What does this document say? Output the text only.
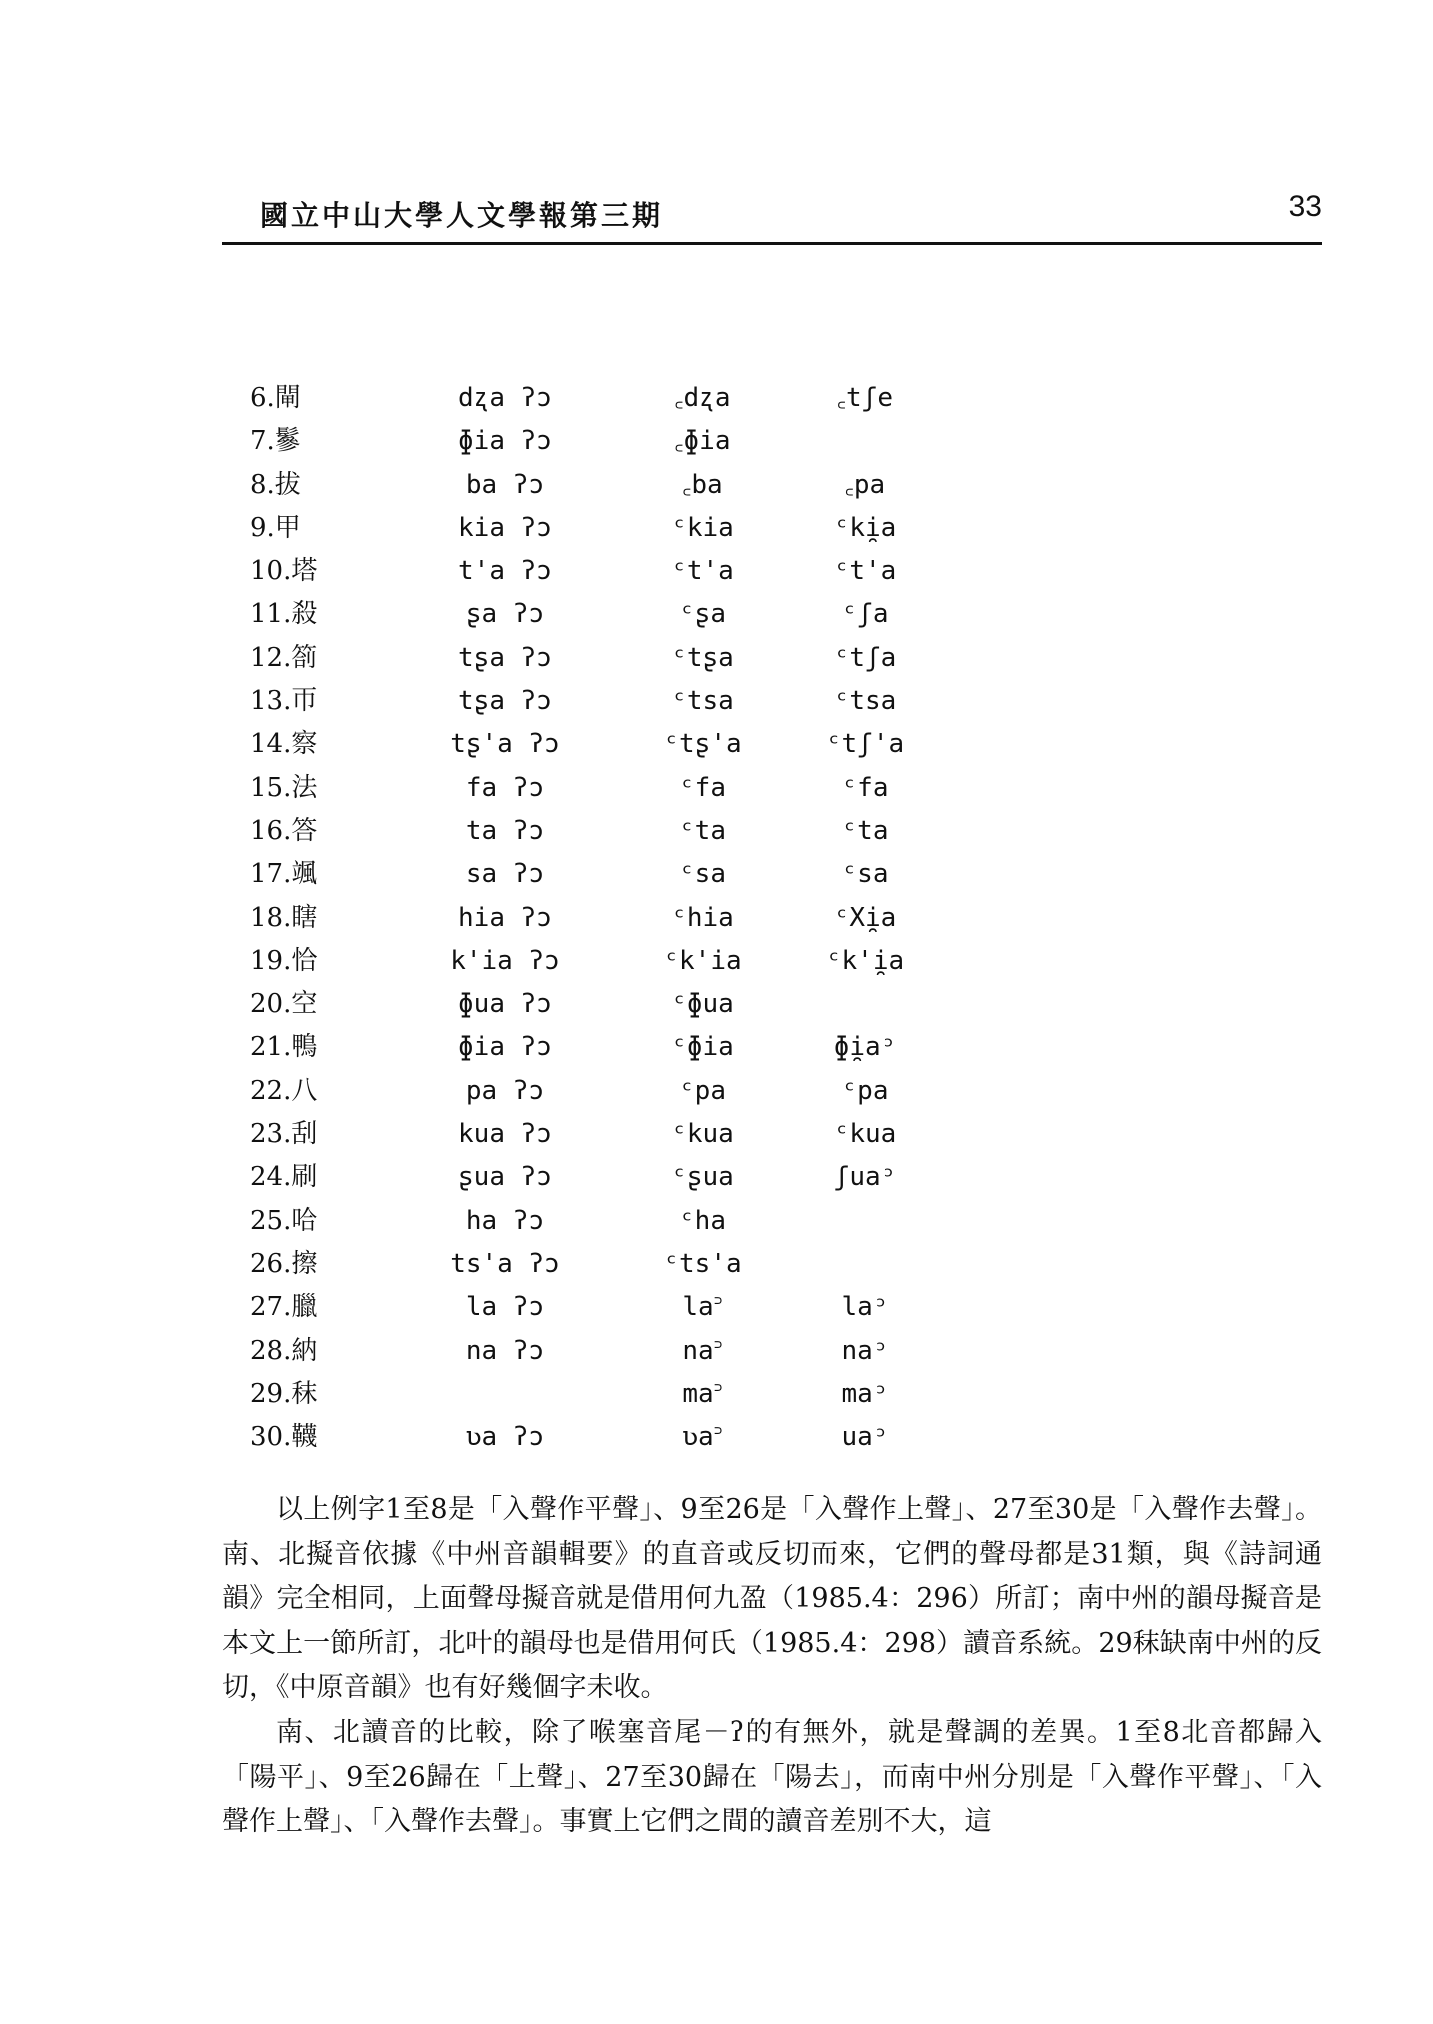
國立中山大學人文學報第三期	33
6.閘	dʐa ʔɔ	꜀dʐa	꜀tʃe
7.鬖	ɸia ʔɔ	꜀ɸia	
8.拔	ba ʔɔ	꜀ba	꜀pa
9.甲	kia ʔɔ	ᶜkia	ᶜki̯a
10.塔	t'a ʔɔ	ᶜt'a	ᶜt'a
11.殺	ʂa ʔɔ	ᶜʂa	ᶜʃa
12.箚	tʂa ʔɔ	ᶜtʂa	ᶜtʃa
13.帀	tʂa ʔɔ	ᶜtsa	ᶜtsa
14.察	tʂ'a ʔɔ	ᶜtʂ'a	ᶜtʃ'a
15.法	fa ʔɔ	ᶜfa	ᶜfa
16.答	ta ʔɔ	ᶜta	ᶜta
17.颯	sa ʔɔ	ᶜsa	ᶜsa
18.瞎	hia ʔɔ	ᶜhia	ᶜXi̯a
19.恰	k'ia ʔɔ	ᶜk'ia	ᶜk'i̯a
20.空	ɸua ʔɔ	ᶜɸua	
21.鴨	ɸia ʔɔ	ᶜɸia	ɸi̯aᵓ
22.八	pa ʔɔ	ᶜpa	ᶜpa
23.刮	kua ʔɔ	ᶜkua	ᶜkua
24.刷	ʂua ʔɔ	ᶜʂua	ʃuaᵓ
25.哈	ha ʔɔ	ᶜha	
26.擦	ts'a ʔɔ	ᶜts'a	
27.臘	la ʔɔ	la꜄	laᵓ
28.納	na ʔɔ	na꜄	naᵓ
29.秣		ma꜄	maᵓ
30.韈	ʋa ʔɔ	ʋa꜄	uaᵓ

以上例字1至8是「入聲作平聲」、9至26是「入聲作上聲」、27至30是「入聲作去聲」。南、北擬音依據《中州音韻輯要》的直音或反切而來，它們的聲母都是31類，與《詩詞通韻》完全相同，上面聲母擬音就是借用何九盈（1985.4：296）所訂；南中州的韻母擬音是本文上一節所訂，北叶的韻母也是借用何氏（1985.4：298）讀音系統。29秣缺南中州的反切，《中原音韻》也有好幾個字未收。

南、北讀音的比較，除了喉塞音尾－ʔ的有無外，就是聲調的差異。1至8北音都歸入「陽平」、9至26歸在「上聲」、27至30歸在「陽去」，而南中州分別是「入聲作平聲」、「入聲作上聲」、「入聲作去聲」。事實上它們之間的讀音差別不大，這
